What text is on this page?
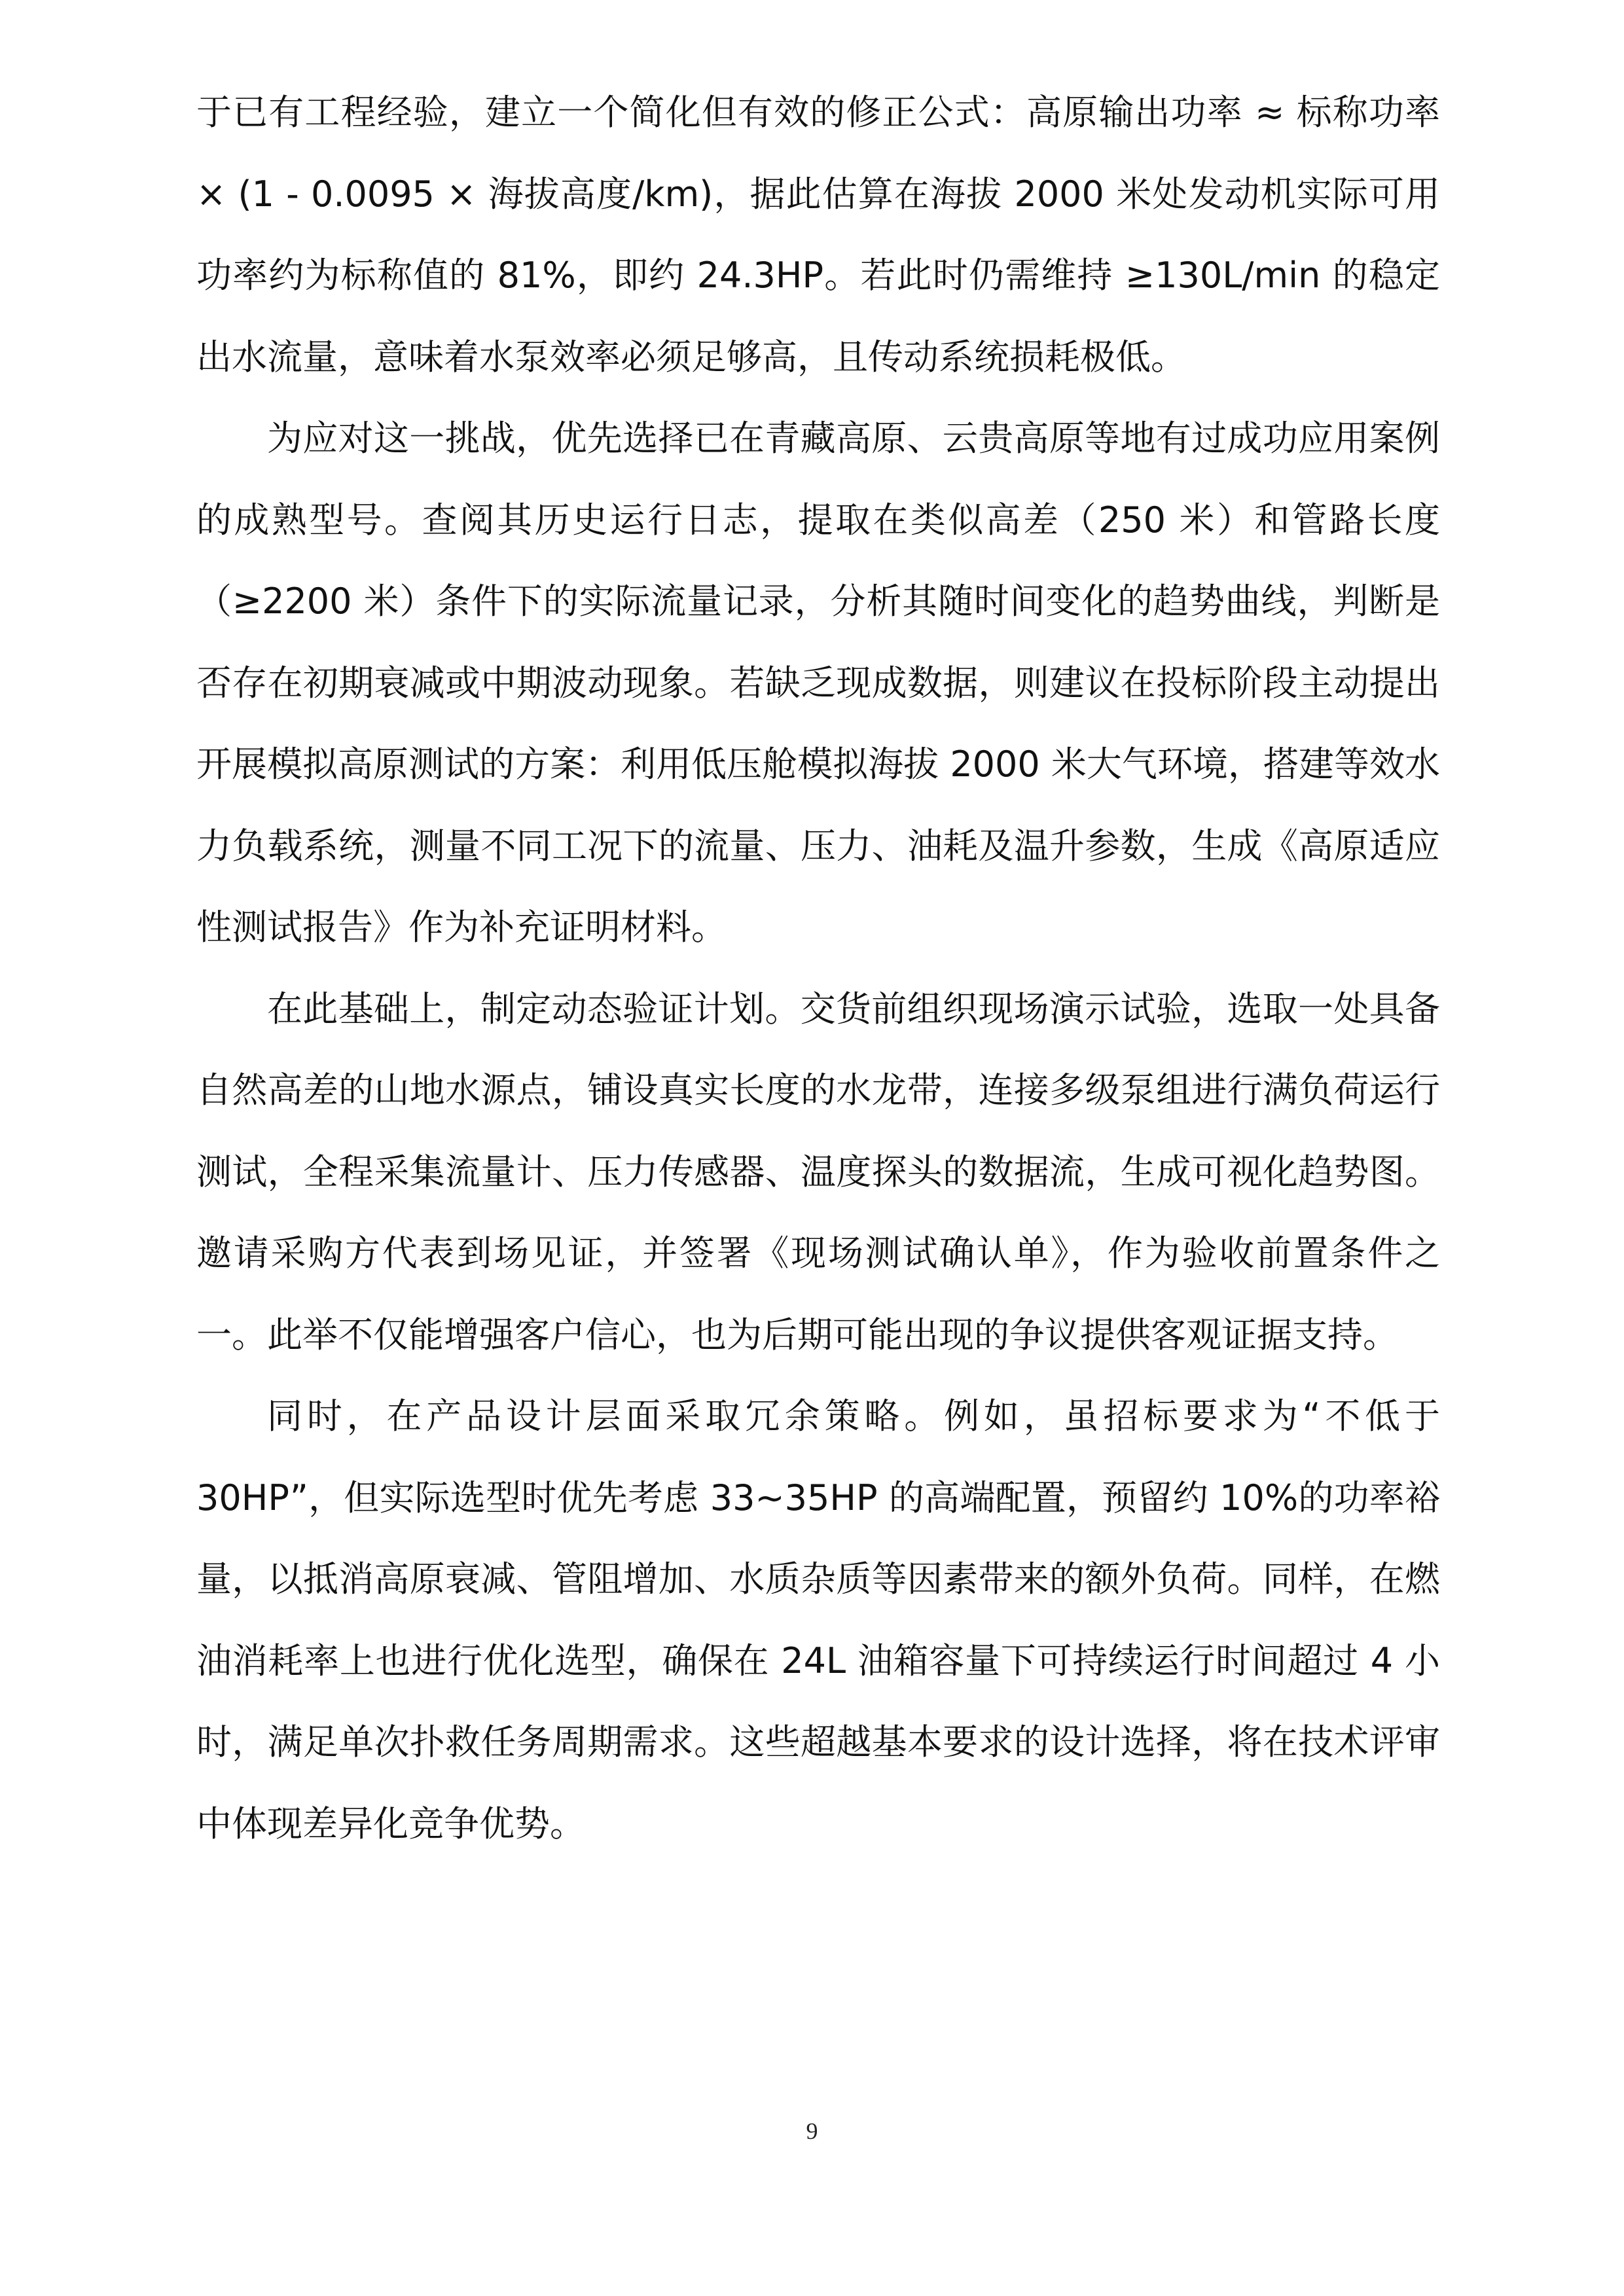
于已有工程经验，建立一个简化但有效的修正公式：高原输出功率 ≈ 标称功率 × (1 - 0.0095 × 海拔高度/km)，据此估算在海拔 2000 米处发动机实际可用功率约为标称值的 81%，即约 24.3HP。若此时仍需维持 ≥130L/min 的稳定出水流量，意味着水泵效率必须足够高，且传动系统损耗极低。

为应对这一挑战，优先选择已在青藏高原、云贵高原等地有过成功应用案例的成熟型号。查阅其历史运行日志，提取在类似高差（250 米）和管路长度（≥2200 米）条件下的实际流量记录，分析其随时间变化的趋势曲线，判断是否存在初期衰减或中期波动现象。若缺乏现成数据，则建议在投标阶段主动提出开展模拟高原测试的方案：利用低压舱模拟海拔 2000 米大气环境，搭建等效水力负载系统，测量不同工况下的流量、压力、油耗及温升参数，生成《高原适应性测试报告》作为补充证明材料。

在此基础上，制定动态验证计划。交货前组织现场演示试验，选取一处具备自然高差的山地水源点，铺设真实长度的水龙带，连接多级泵组进行满负荷运行测试，全程采集流量计、压力传感器、温度探头的数据流，生成可视化趋势图。邀请采购方代表到场见证，并签署《现场测试确认单》，作为验收前置条件之一。此举不仅能增强客户信心，也为后期可能出现的争议提供客观证据支持。

同时，在产品设计层面采取冗余策略。例如，虽招标要求为“不低于 30HP”，但实际选型时优先考虑 33~35HP 的高端配置，预留约 10%的功率裕量，以抵消高原衰减、管阻增加、水质杂质等因素带来的额外负荷。同样，在燃油消耗率上也进行优化选型，确保在 24L 油箱容量下可持续运行时间超过 4 小时，满足单次扑救任务周期需求。这些超越基本要求的设计选择，将在技术评审中体现差异化竞争优势。

9
